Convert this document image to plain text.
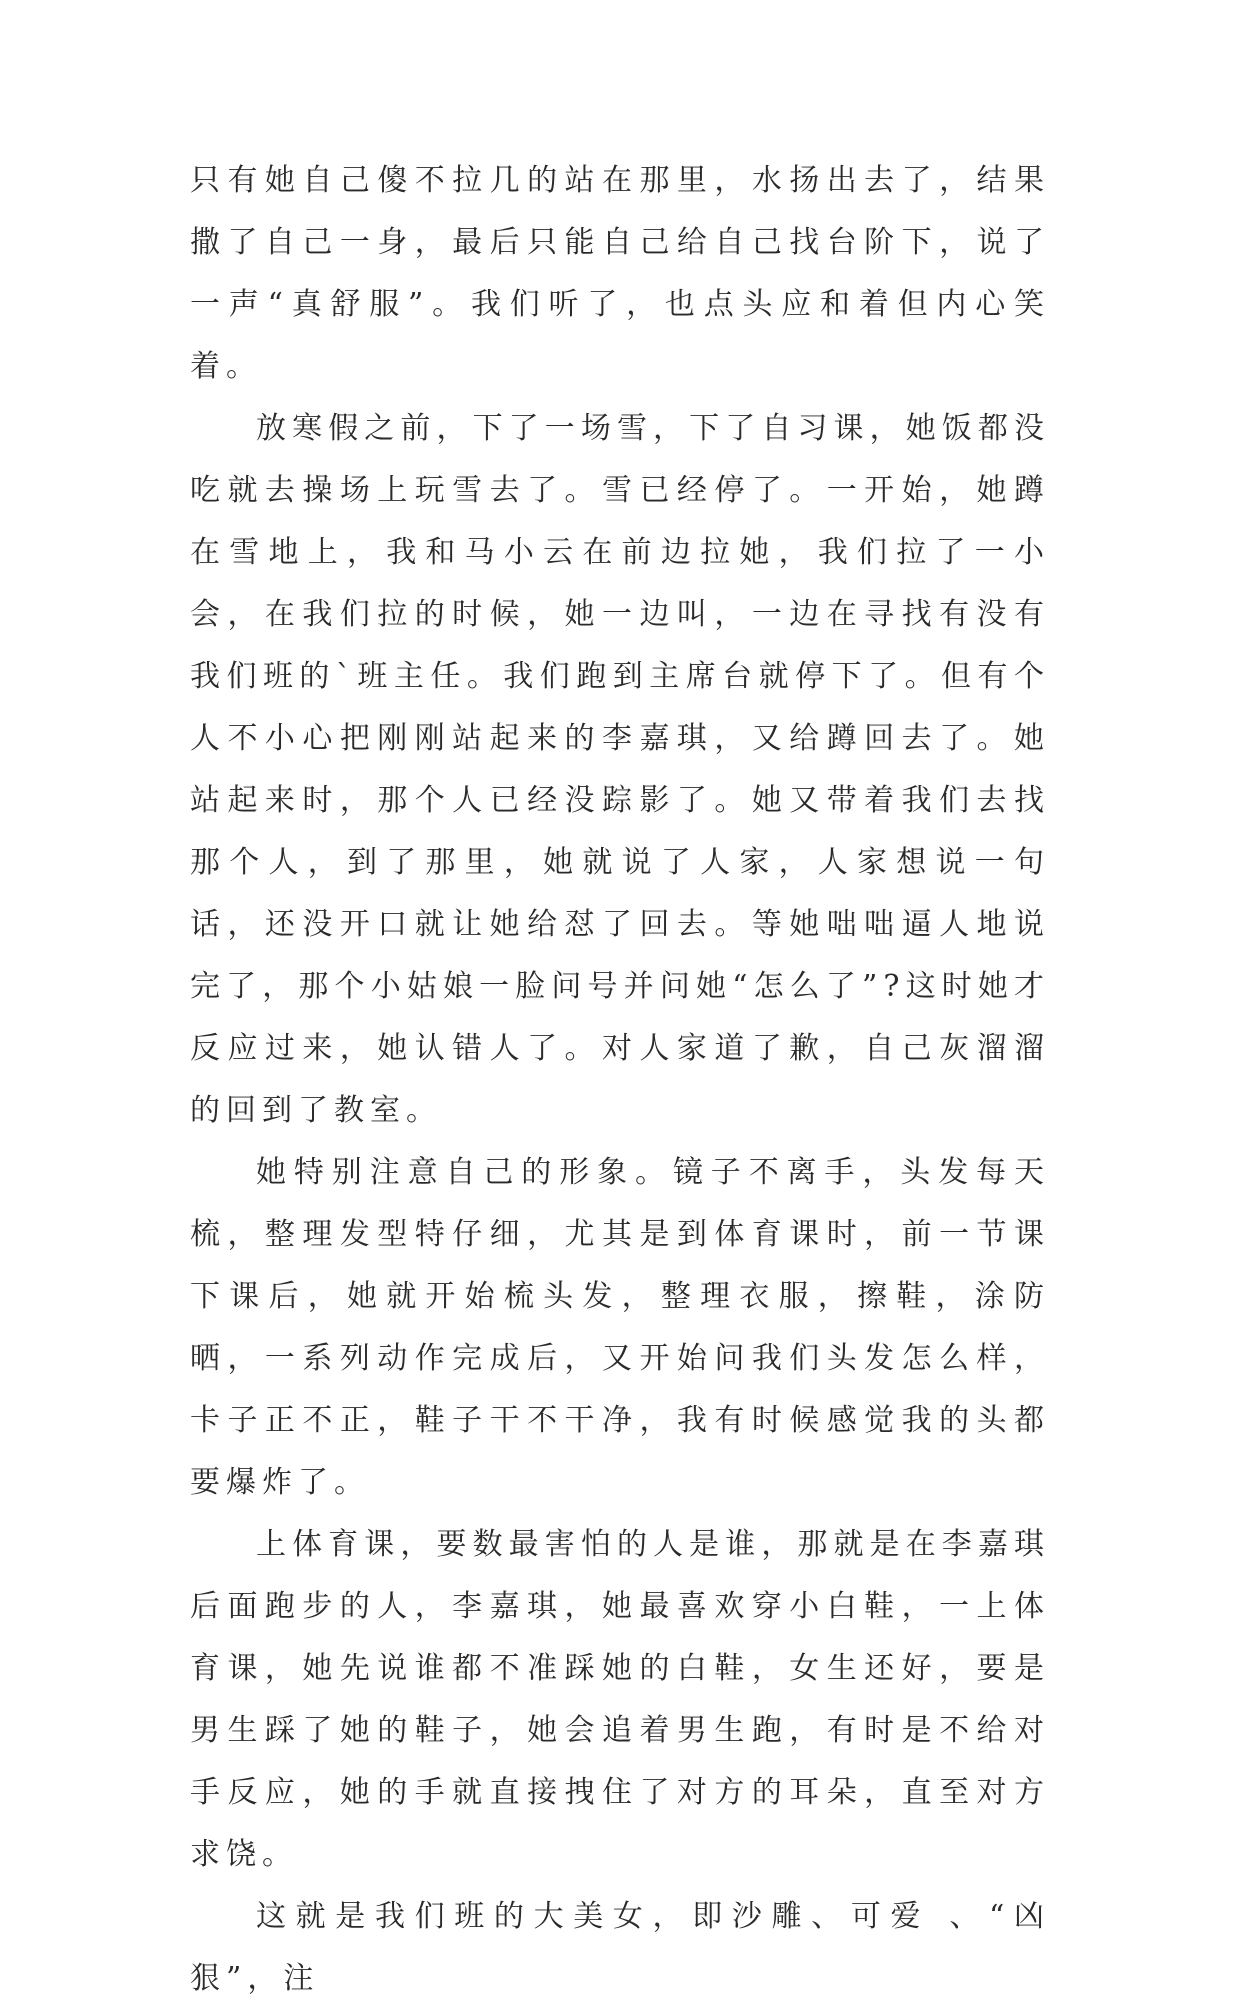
只有她自己傻不拉几的站在那里，水扬出去了，结果撒了自己一身，最后只能自己给自己找台阶下，说了一声“真舒服”。我们听了，也点头应和着但内心笑着。

放寒假之前，下了一场雪，下了自习课，她饭都没吃就去操场上玩雪去了。雪已经停了。一开始，她蹲在雪地上，我和马小云在前边拉她，我们拉了一小会，在我们拉的时候，她一边叫，一边在寻找有没有我们班的`班主任。我们跑到主席台就停下了。但有个人不小心把刚刚站起来的李嘉琪，又给蹲回去了。她站起来时，那个人已经没踪影了。她又带着我们去找那个人，到了那里，她就说了人家，人家想说一句话，还没开口就让她给怼了回去。等她咄咄逼人地说完了，那个小姑娘一脸问号并问她“怎么了”?这时她才反应过来，她认错人了。对人家道了歉，自己灰溜溜的回到了教室。

她特别注意自己的形象。镜子不离手，头发每天梳，整理发型特仔细，尤其是到体育课时，前一节课下课后，她就开始梳头发，整理衣服，擦鞋，涂防晒，一系列动作完成后，又开始问我们头发怎么样，卡子正不正，鞋子干不干净，我有时候感觉我的头都要爆炸了。

上体育课，要数最害怕的人是谁，那就是在李嘉琪后面跑步的人，李嘉琪，她最喜欢穿小白鞋，一上体育课，她先说谁都不准踩她的白鞋，女生还好，要是男生踩了她的鞋子，她会追着男生跑，有时是不给对手反应，她的手就直接拽住了对方的耳朵，直至对方求饶。

这就是我们班的大美女，即沙雕、可爱 、“凶狠”，注
